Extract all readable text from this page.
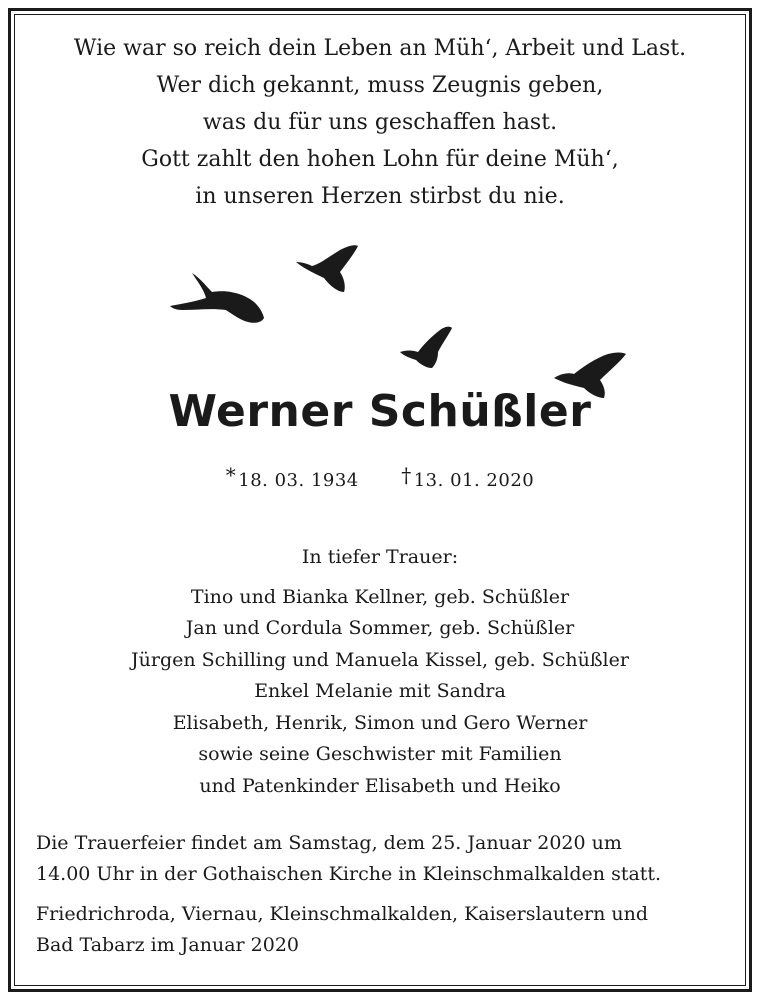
Wie war so reich dein Leben an Müh‘, Arbeit und Last.
Wer dich gekannt, muss Zeugnis geben,
was du für uns geschaffen hast.
Gott zahlt den hohen Lohn für deine Müh‘,
in unseren Herzen stirbst du nie.
Werner Schüßler
* 18. 03. 1934 † 13. 01. 2020
In tiefer Trauer:
Tino und Bianka Kellner, geb. Schüßler
Jan und Cordula Sommer, geb. Schüßler
Jürgen Schilling und Manuela Kissel, geb. Schüßler
Enkel Melanie mit Sandra
Elisabeth, Henrik, Simon und Gero Werner
sowie seine Geschwister mit Familien
und Patenkinder Elisabeth und Heiko

Die Trauerfeier findet am Samstag, dem 25. Januar 2020 um
14.00 Uhr in der Gothaischen Kirche in Kleinschmalkalden statt.

Friedrichroda, Viernau, Kleinschmalkalden, Kaiserslautern und
Bad Tabarz im Januar 2020
